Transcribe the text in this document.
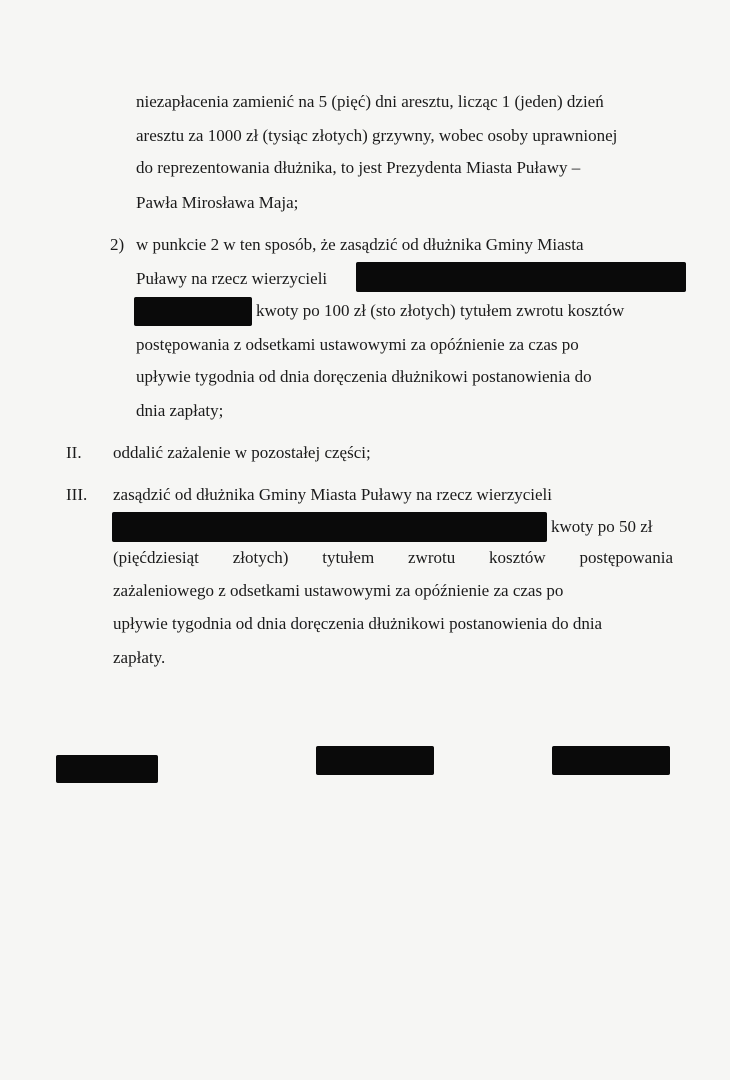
niezapłacenia zamienić na 5 (pięć) dni aresztu, licząc 1 (jeden) dzień
aresztu za 1000 zł (tysiąc złotych) grzywny, wobec osoby uprawnionej
do reprezentowania dłużnika, to jest Prezydenta Miasta Puławy –
Pawła Mirosława Maja;
2) w punkcie 2 w ten sposób, że zasądzić od dłużnika Gminy Miasta
Puławy na rzecz wierzycieli
kwoty po 100 zł (sto złotych) tytułem zwrotu kosztów
postępowania z odsetkami ustawowymi za opóźnienie za czas po
upływie tygodnia od dnia doręczenia dłużnikowi postanowienia do
dnia zapłaty;
II. oddalić zażalenie w pozostałej części;
III. zasądzić od dłużnika Gminy Miasta Puławy na rzecz wierzycieli
kwoty po 50 zł
(pięćdziesiąt złotych) tytułem zwrotu kosztów postępowania
zażaleniowego z odsetkami ustawowymi za opóźnienie za czas po
upływie tygodnia od dnia doręczenia dłużnikowi postanowienia do dnia
zapłaty.
